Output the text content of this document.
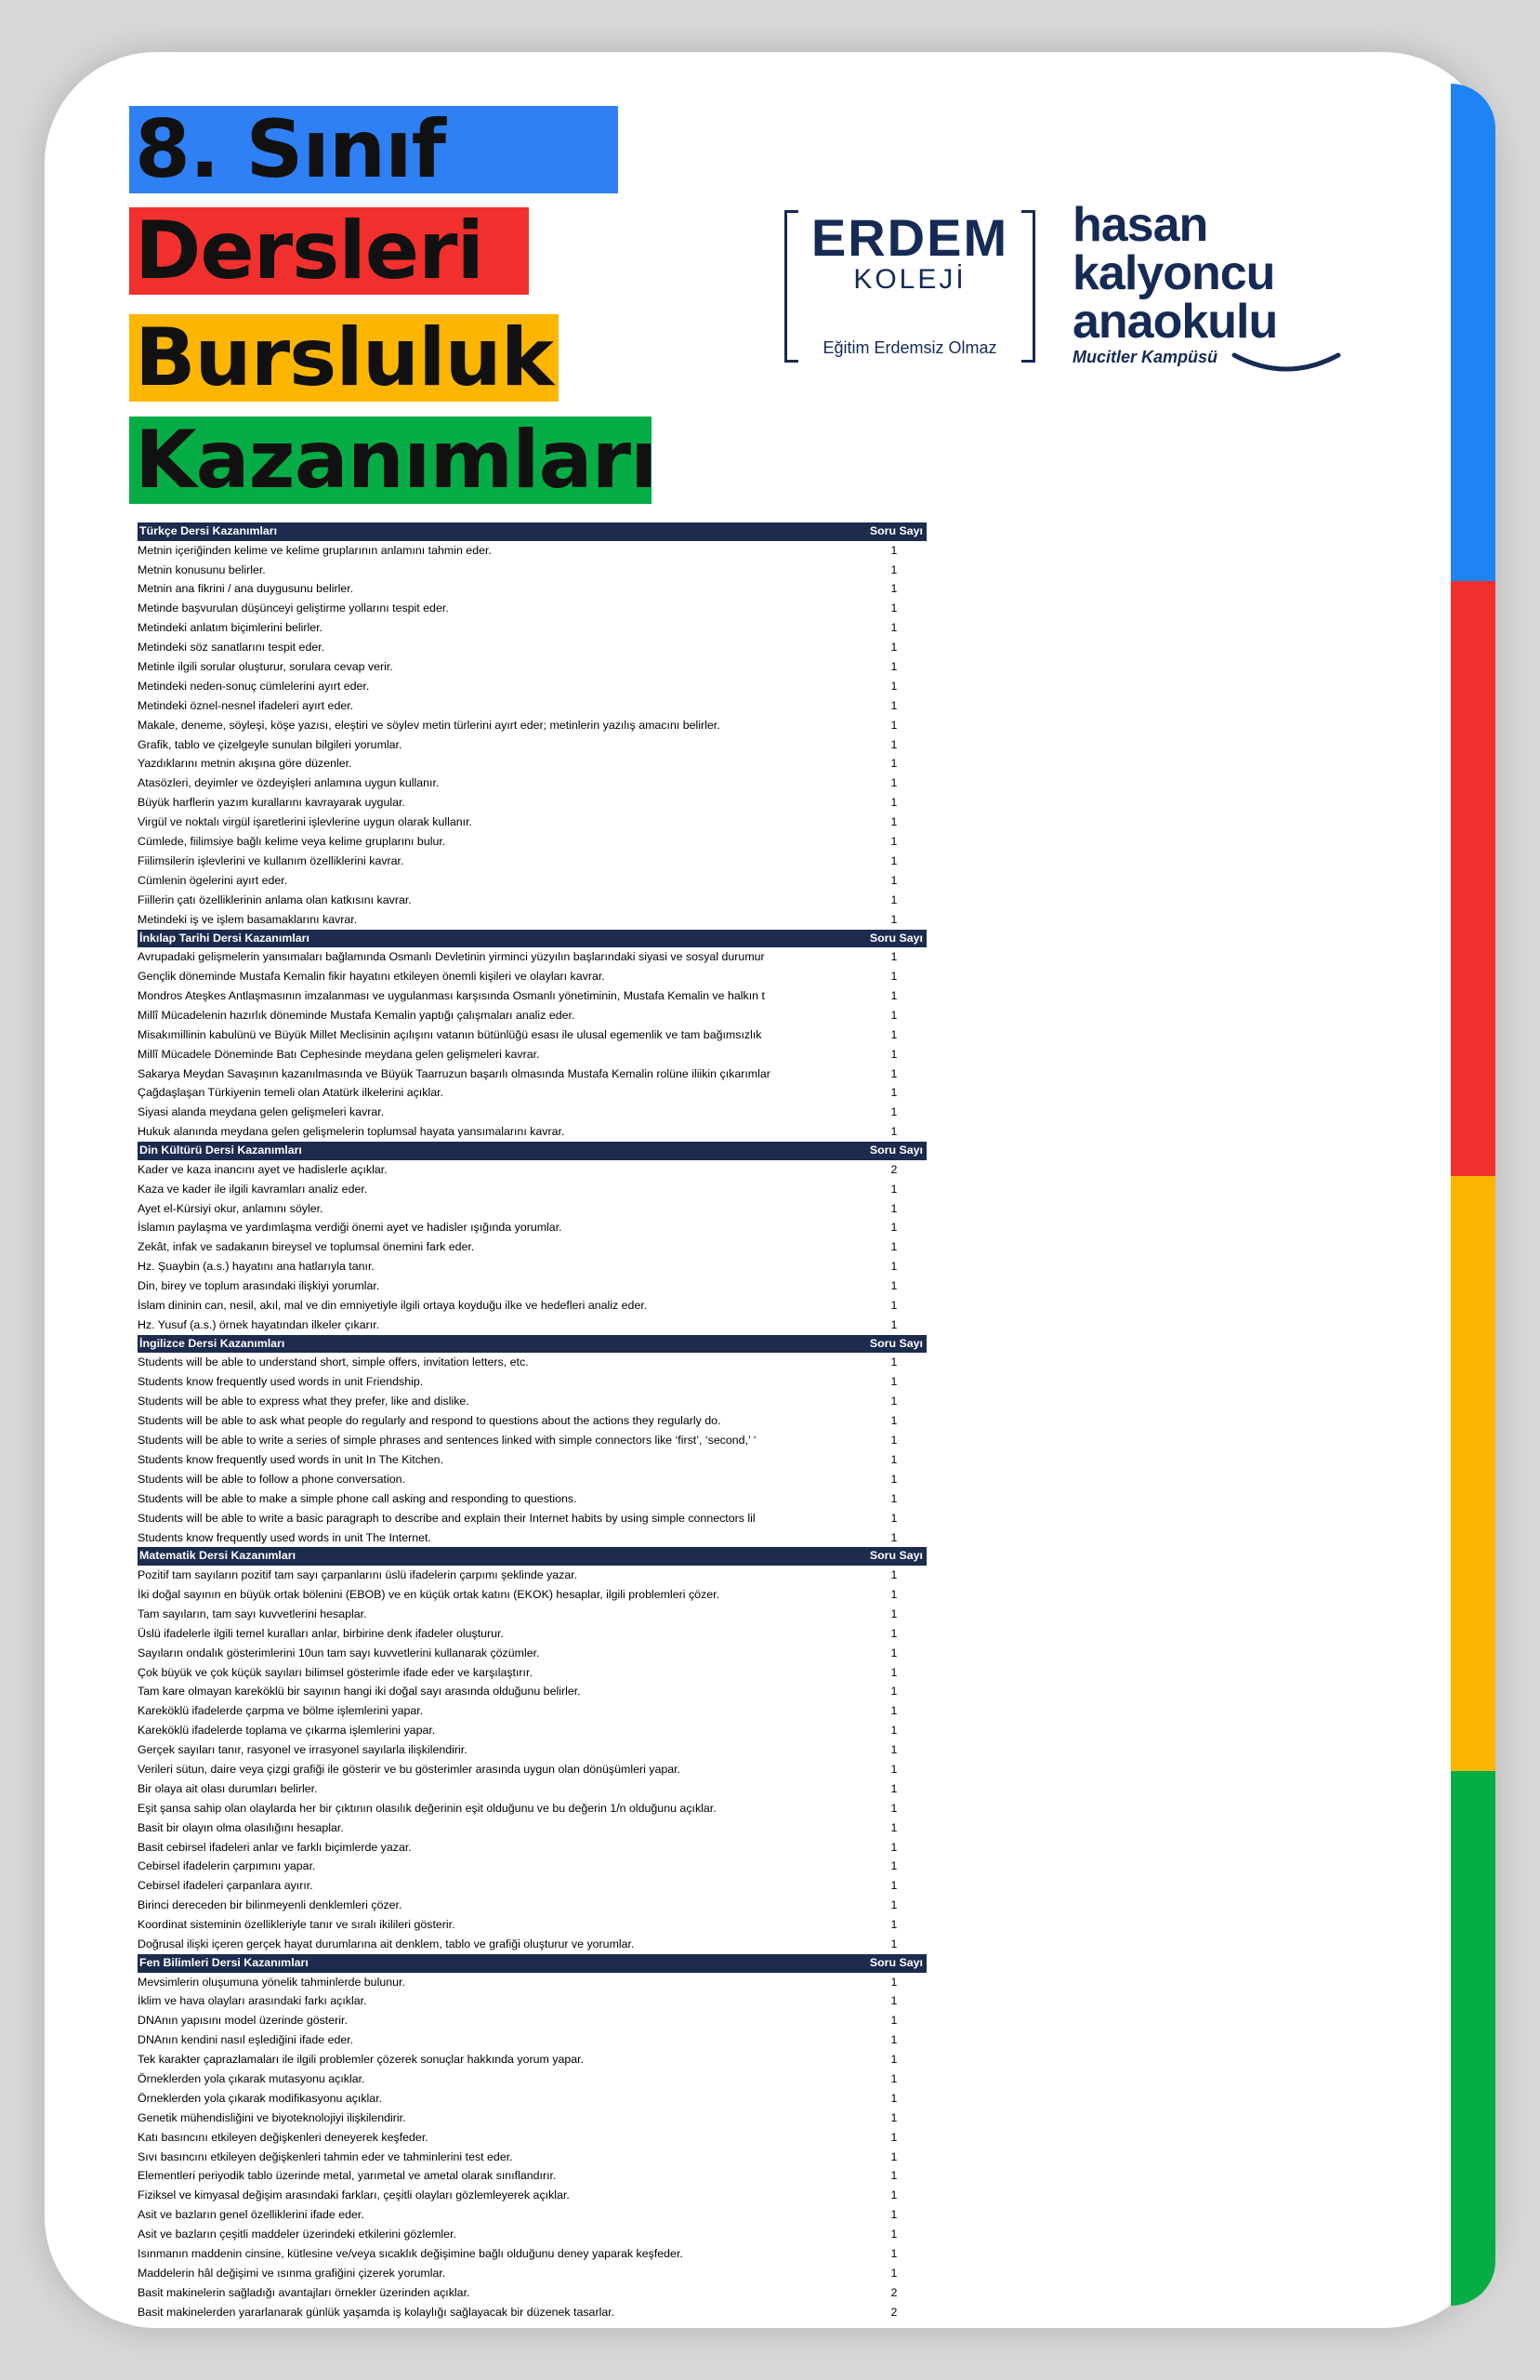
8. Sınıf
Dersleri
Bursluluk
Kazanımları
ERDEM
KOLEJİ
Eğitim Erdemsiz Olmaz
hasan
kalyoncu
anaokulu
Mucitler Kampüsü
Türkçe Dersi Kazanımları	Soru Sayı
Metnin içeriğinden kelime ve kelime gruplarının anlamını tahmin eder.	1
Metnin konusunu belirler.	1
Metnin ana fikrini / ana duygusunu belirler.	1
Metinde başvurulan düşünceyi geliştirme yollarını tespit eder.	1
Metindeki anlatım biçimlerini belirler.	1
Metindeki söz sanatlarını tespit eder.	1
Metinle ilgili sorular oluşturur, sorulara cevap verir.	1
Metindeki neden-sonuç cümlelerini ayırt eder.	1
Metindeki öznel-nesnel ifadeleri ayırt eder.	1
Makale, deneme, söyleşi, köşe yazısı, eleştiri ve söylev metin türlerini ayırt eder; metinlerin yazılış amacını belirler.	1
Grafik, tablo ve çizelgeyle sunulan bilgileri yorumlar.	1
Yazdıklarını metnin akışına göre düzenler.	1
Atasözleri, deyimler ve özdeyişleri anlamına uygun kullanır.	1
Büyük harflerin yazım kurallarını kavrayarak uygular.	1
Virgül ve noktalı virgül işaretlerini işlevlerine uygun olarak kullanır.	1
Cümlede, fiilimsiye bağlı kelime veya kelime gruplarını bulur.	1
Fiilimsilerin işlevlerini ve kullanım özelliklerini kavrar.	1
Cümlenin ögelerini ayırt eder.	1
Fiillerin çatı özelliklerinin anlama olan katkısını kavrar.	1
Metindeki iş ve işlem basamaklarını kavrar.	1
İnkılap Tarihi Dersi Kazanımları	Soru Sayı
Avrupadaki gelişmelerin yansımaları bağlamında Osmanlı Devletinin yirminci yüzyılın başlarındaki siyasi ve sosyal durumur	1
Gençlik döneminde Mustafa Kemalin fikir hayatını etkileyen önemli kişileri ve olayları kavrar.	1
Mondros Ateşkes Antlaşmasının imzalanması ve uygulanması karşısında Osmanlı yönetiminin, Mustafa Kemalin ve halkın t	1
Millî Mücadelenin hazırlık döneminde Mustafa Kemalin yaptığı çalışmaları analiz eder.	1
Misakımillinin kabulünü ve Büyük Millet Meclisinin açılışını vatanın bütünlüğü esası ile ulusal egemenlik ve tam bağımsızlık	1
Millî Mücadele Döneminde Batı Cephesinde meydana gelen gelişmeleri kavrar.	1
Sakarya Meydan Savaşının kazanılmasında ve Büyük Taarruzun başarılı olmasında Mustafa Kemalin rolüne iliikin çıkarımlar	1
Çağdaşlaşan Türkiyenin temeli olan Atatürk ilkelerini açıklar.	1
Siyasi alanda meydana gelen gelişmeleri kavrar.	1
Hukuk alanında meydana gelen gelişmelerin toplumsal hayata yansımalarını kavrar.	1
Din Kültürü Dersi Kazanımları	Soru Sayı
Kader ve kaza inancını ayet ve hadislerle açıklar.	2
Kaza ve kader ile ilgili kavramları analiz eder.	1
Ayet el-Kürsiyi okur, anlamını söyler.	1
İslamın paylaşma ve yardımlaşma verdiği önemi ayet ve hadisler ışığında yorumlar.	1
Zekât, infak ve sadakanın bireysel ve toplumsal önemini fark eder.	1
Hz. Şuaybin (a.s.) hayatını ana hatlarıyla tanır.	1
Din, birey ve toplum arasındaki ilişkiyi yorumlar.	1
İslam dininin can, nesil, akıl, mal ve din emniyetiyle ilgili ortaya koyduğu ilke ve hedefleri analiz eder.	1
Hz. Yusuf (a.s.) örnek hayatından ilkeler çıkarır.	1
İngilizce Dersi Kazanımları	Soru Sayı
Students will be able to understand short, simple offers, invitation letters, etc.	1
Students know frequently used words in unit Friendship.	1
Students will be able to express what they prefer, like and dislike.	1
Students will be able to ask what people do regularly and respond to questions about the actions they regularly do.	1
Students will be able to write a series of simple phrases and sentences linked with simple connectors like ‘first’, ‘second,’ ‘	1
Students know frequently used words in unit In The Kitchen.	1
Students will be able to follow a phone conversation.	1
Students will be able to make a simple phone call asking and responding to questions.	1
Students will be able to write a basic paragraph to describe and explain their Internet habits by using simple connectors lil	1
Students know frequently used words in unit The Internet.	1
Matematik Dersi Kazanımları	Soru Sayı
Pozitif tam sayıların pozitif tam sayı çarpanlarını üslü ifadelerin çarpımı şeklinde yazar.	1
İki doğal sayının en büyük ortak bölenini (EBOB) ve en küçük ortak katını (EKOK) hesaplar, ilgili problemleri çözer.	1
Tam sayıların, tam sayı kuvvetlerini hesaplar.	1
Üslü ifadelerle ilgili temel kuralları anlar, birbirine denk ifadeler oluşturur.	1
Sayıların ondalık gösterimlerini 10un tam sayı kuvvetlerini kullanarak çözümler.	1
Çok büyük ve çok küçük sayıları bilimsel gösterimle ifade eder ve karşılaştırır.	1
Tam kare olmayan kareköklü bir sayının hangi iki doğal sayı arasında olduğunu belirler.	1
Kareköklü ifadelerde çarpma ve bölme işlemlerini yapar.	1
Kareköklü ifadelerde toplama ve çıkarma işlemlerini yapar.	1
Gerçek sayıları tanır, rasyonel ve irrasyonel sayılarla ilişkilendirir.	1
Verileri sütun, daire veya çizgi grafiği ile gösterir ve bu gösterimler arasında uygun olan dönüşümleri yapar.	1
Bir olaya ait olası durumları belirler.	1
Eşit şansa sahip olan olaylarda her bir çıktının olasılık değerinin eşit olduğunu ve bu değerin 1/n olduğunu açıklar.	1
Basit bir olayın olma olasılığını hesaplar.	1
Basit cebirsel ifadeleri anlar ve farklı biçimlerde yazar.	1
Cebirsel ifadelerin çarpımını yapar.	1
Cebirsel ifadeleri çarpanlara ayırır.	1
Birinci dereceden bir bilinmeyenli denklemleri çözer.	1
Koordinat sisteminin özellikleriyle tanır ve sıralı ikilileri gösterir.	1
Doğrusal ilişki içeren gerçek hayat durumlarına ait denklem, tablo ve grafiği oluşturur ve yorumlar.	1
Fen Bilimleri Dersi Kazanımları	Soru Sayı
Mevsimlerin oluşumuna yönelik tahminlerde bulunur.	1
İklim ve hava olayları arasındaki farkı açıklar.	1
DNAnın yapısını model üzerinde gösterir.	1
DNAnın kendini nasıl eşlediğini ifade eder.	1
Tek karakter çaprazlamaları ile ilgili problemler çözerek sonuçlar hakkında yorum yapar.	1
Örneklerden yola çıkarak mutasyonu açıklar.	1
Örneklerden yola çıkarak modifikasyonu açıklar.	1
Genetik mühendisliğini ve biyoteknolojiyi ilişkilendirir.	1
Katı basıncını etkileyen değişkenleri deneyerek keşfeder.	1
Sıvı basıncını etkileyen değişkenleri tahmin eder ve tahminlerini test eder.	1
Elementleri periyodik tablo üzerinde metal, yarımetal ve ametal olarak sınıflandırır.	1
Fiziksel ve kimyasal değişim arasındaki farkları, çeşitli olayları gözlemleyerek açıklar.	1
Asit ve bazların genel özelliklerini ifade eder.	1
Asit ve bazların çeşitli maddeler üzerindeki etkilerini gözlemler.	1
Isınmanın maddenin cinsine, kütlesine ve/veya sıcaklık değişimine bağlı olduğunu deney yaparak keşfeder.	1
Maddelerin hâl değişimi ve ısınma grafiğini çizerek yorumlar.	1
Basit makinelerin sağladığı avantajları örnekler üzerinden açıklar.	2
Basit makinelerden yararlanarak günlük yaşamda iş kolaylığı sağlayacak bir düzenek tasarlar.	2
